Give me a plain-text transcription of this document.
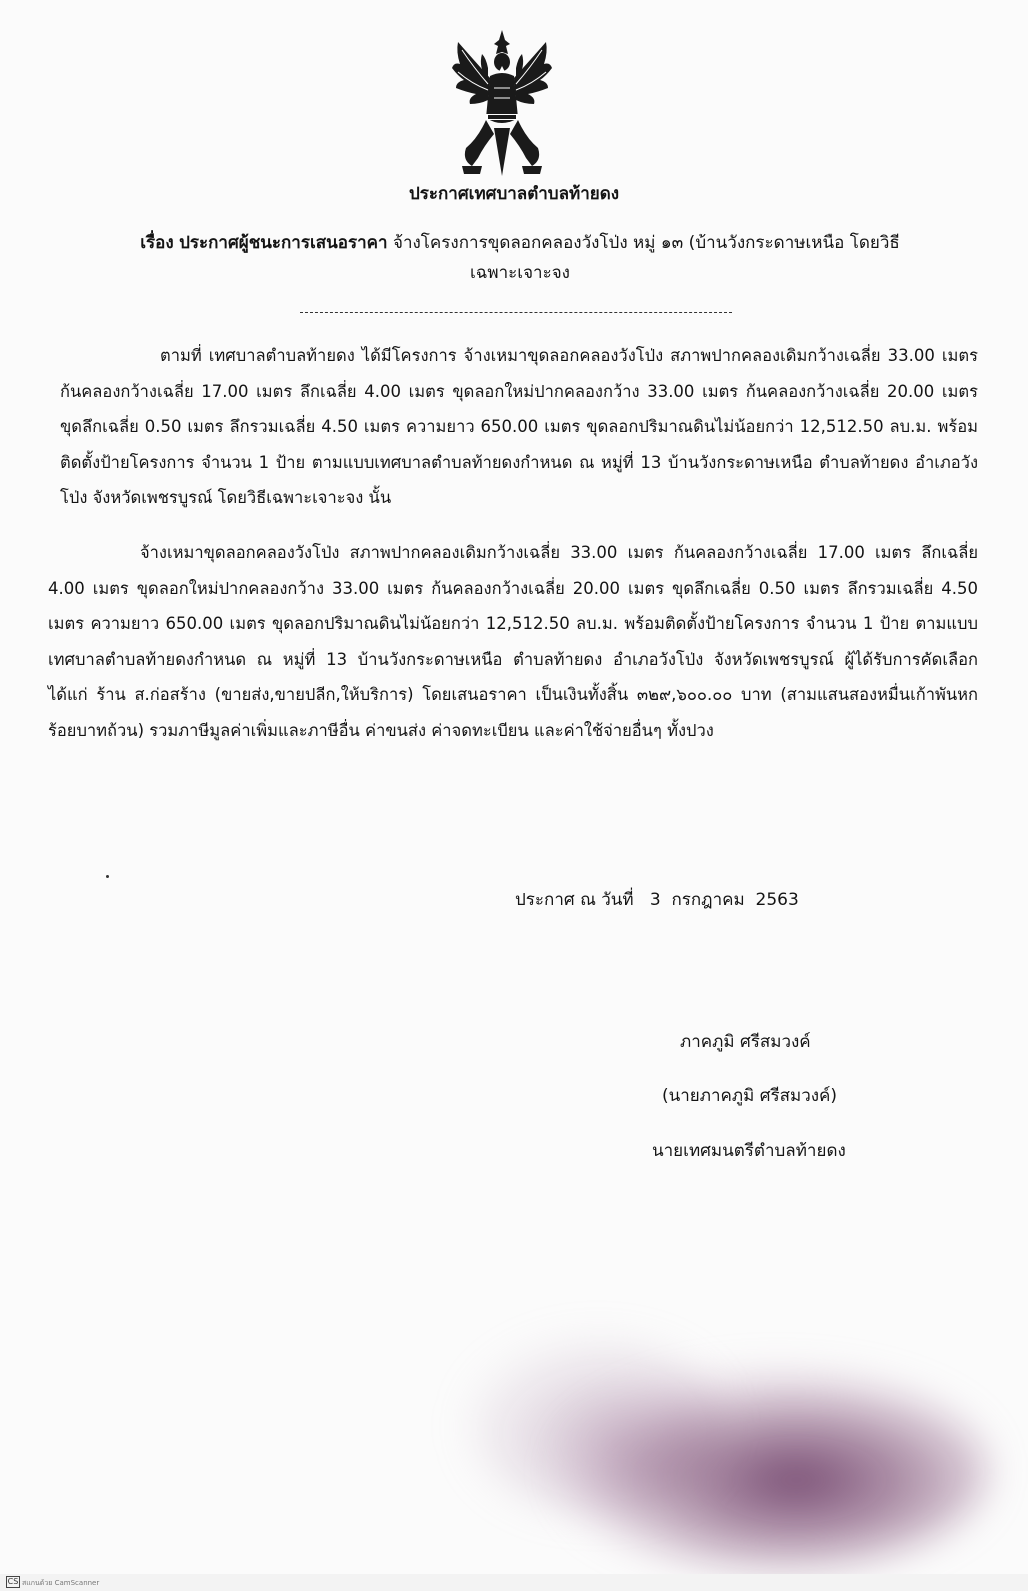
ประกาศเทศบาลตำบลท้ายดง
เรื่อง ประกาศผู้ชนะการเสนอราคา จ้างโครงการขุดลอกคลองวังโป่ง หมู่ ๑๓ (บ้านวังกระดาษเหนือ โดยวิธี
เฉพาะเจาะจง

ตามที่ เทศบาลตำบลท้ายดง ได้มีโครงการ จ้างเหมาขุดลอกคลองวังโป่ง สภาพปากคลองเดิมกว้างเฉลี่ย 33.00 เมตร ก้นคลองกว้างเฉลี่ย 17.00 เมตร ลึกเฉลี่ย 4.00 เมตร ขุดลอกใหม่ปากคลองกว้าง 33.00 เมตร ก้นคลองกว้างเฉลี่ย 20.00 เมตร ขุดลึกเฉลี่ย 0.50 เมตร ลึกรวมเฉลี่ย 4.50 เมตร ความยาว 650.00 เมตร ขุดลอกปริมาณดินไม่น้อยกว่า 12,512.50 ลบ.ม. พร้อมติดตั้งป้ายโครงการ จำนวน 1 ป้าย ตามแบบเทศบาลตำบลท้ายดงกำหนด ณ หมู่ที่ 13 บ้านวังกระดาษเหนือ ตำบลท้ายดง อำเภอวังโป่ง จังหวัดเพชรบูรณ์ โดยวิธีเฉพาะเจาะจง นั้น

จ้างเหมาขุดลอกคลองวังโป่ง สภาพปากคลองเดิมกว้างเฉลี่ย 33.00 เมตร ก้นคลองกว้างเฉลี่ย 17.00 เมตร ลึกเฉลี่ย 4.00 เมตร ขุดลอกใหม่ปากคลองกว้าง 33.00 เมตร ก้นคลองกว้างเฉลี่ย 20.00 เมตร ขุดลึกเฉลี่ย 0.50 เมตร ลึกรวมเฉลี่ย 4.50 เมตร ความยาว 650.00 เมตร ขุดลอกปริมาณดินไม่น้อยกว่า 12,512.50 ลบ.ม. พร้อมติดตั้งป้ายโครงการ จำนวน 1 ป้าย ตามแบบเทศบาลตำบลท้ายดงกำหนด ณ หมู่ที่ 13 บ้านวังกระดาษเหนือ ตำบลท้ายดง อำเภอวังโป่ง จังหวัดเพชรบูรณ์ ผู้ได้รับการคัดเลือก ได้แก่ ร้าน ส.ก่อสร้าง (ขายส่ง,ขายปลีก,ให้บริการ) โดยเสนอราคา เป็นเงินทั้งสิ้น ๓๒๙,๖๐๐.๐๐ บาท (สามแสนสองหมื่นเก้าพันหกร้อยบาทถ้วน) รวมภาษีมูลค่าเพิ่มและภาษีอื่น ค่าขนส่ง ค่าจดทะเบียน และค่าใช้จ่ายอื่นๆ ทั้งปวง

ประกาศ ณ วันที่   3  กรกฎาคม  2563
ภาคภูมิ ศรีสมวงค์
(นายภาคภูมิ ศรีสมวงค์)
นายเทศมนตรีตำบลท้ายดง
CS สแกนด้วย CamScanner
